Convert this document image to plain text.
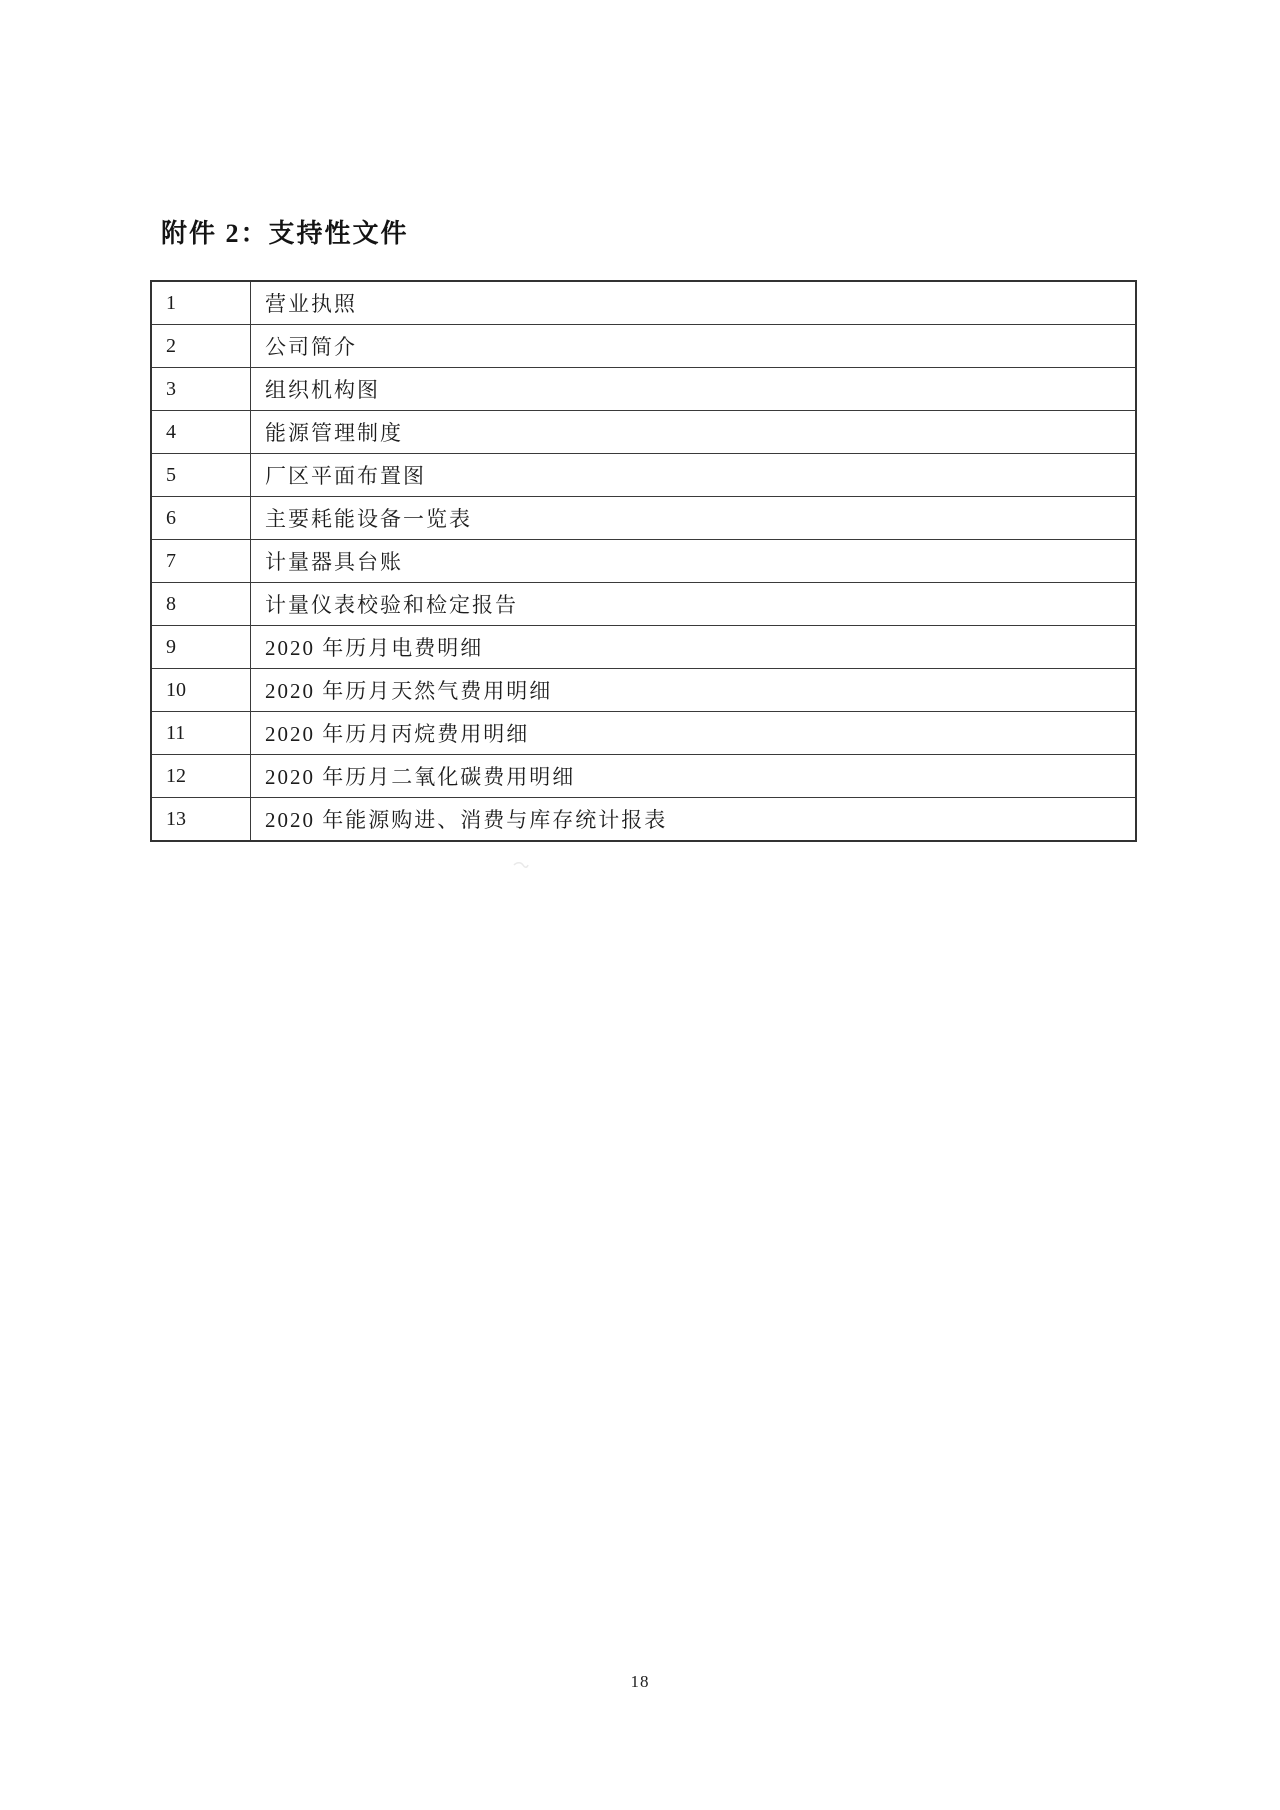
附件 2：支持性文件
1	营业执照
2	公司简介
3	组织机构图
4	能源管理制度
5	厂区平面布置图
6	主要耗能设备一览表
7	计量器具台账
8	计量仪表校验和检定报告
9	2020 年历月电费明细
10	2020 年历月天然气费用明细
11	2020 年历月丙烷费用明细
12	2020 年历月二氧化碳费用明细
13	2020 年能源购进、消费与库存统计报表
18
